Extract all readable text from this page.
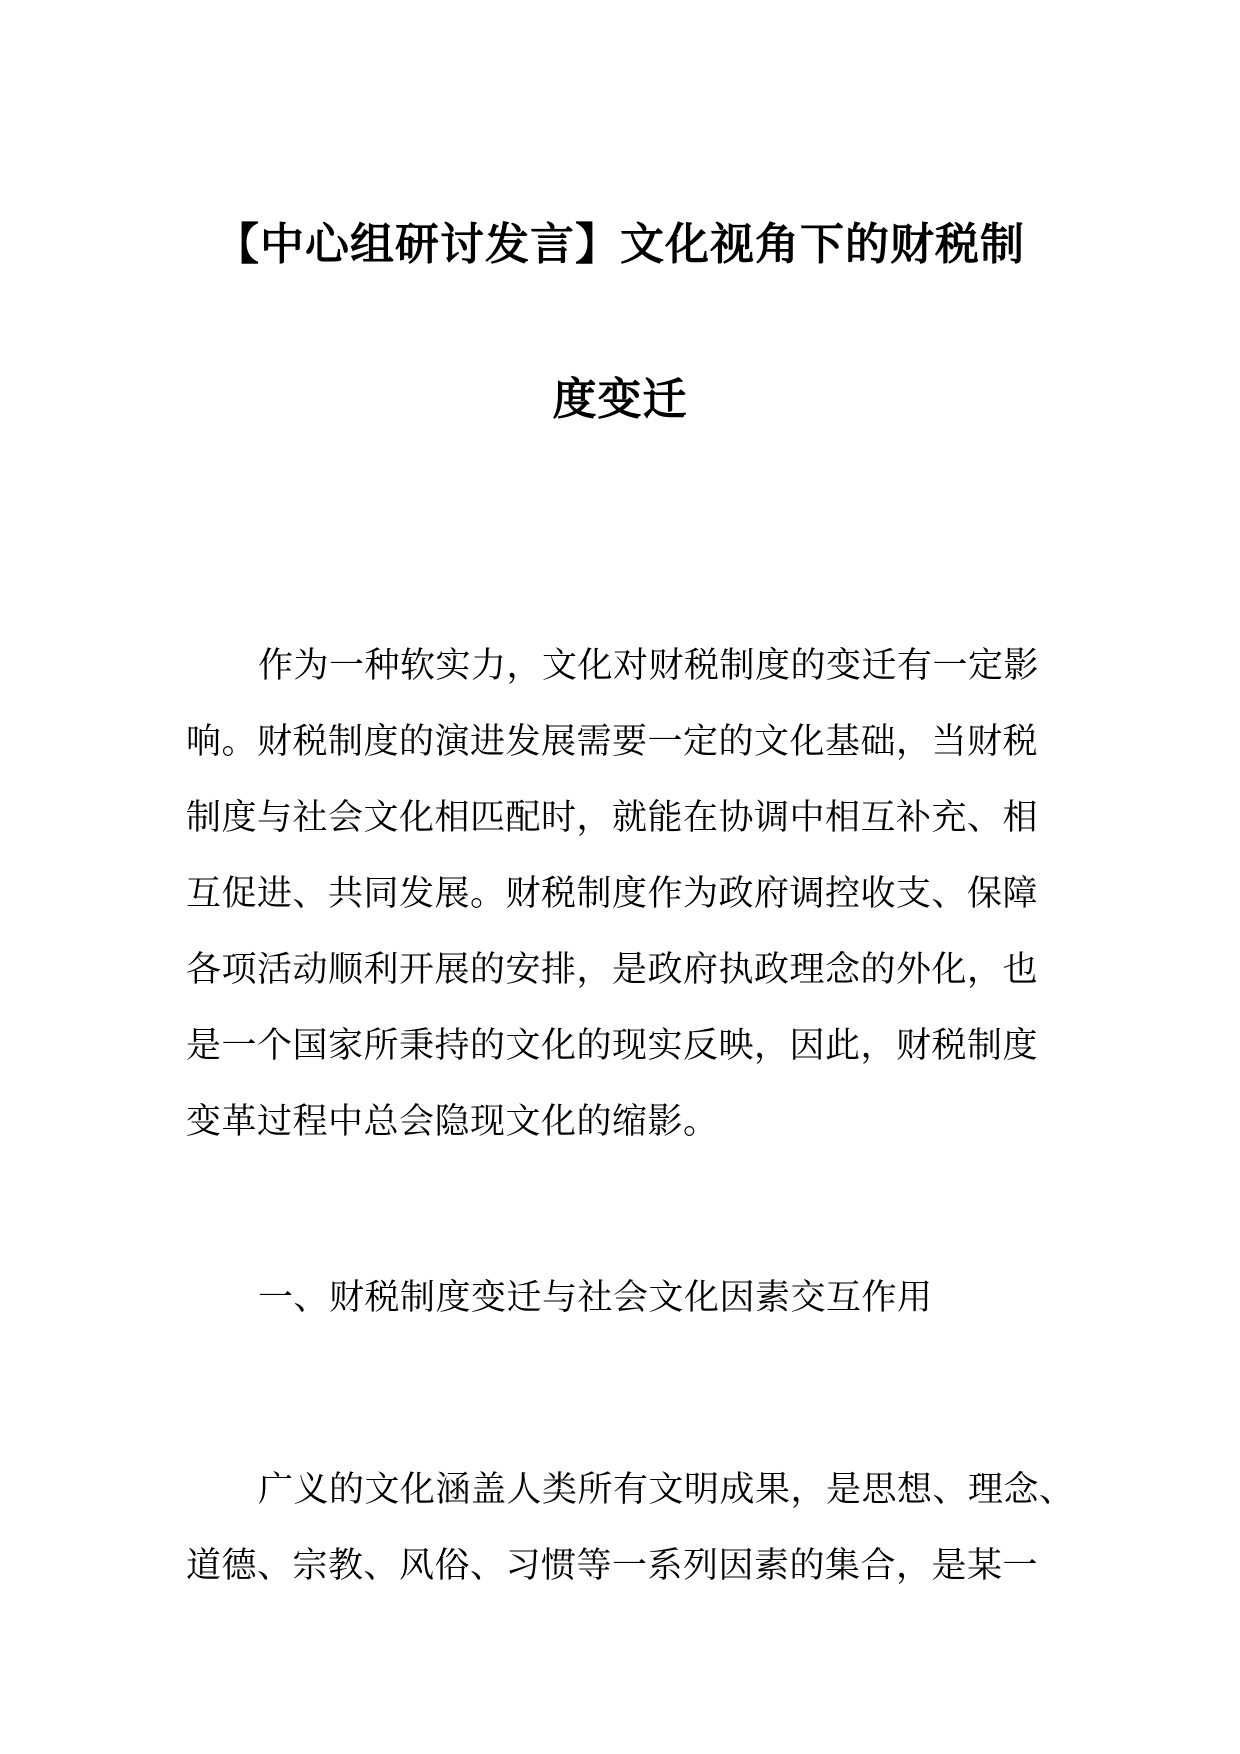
【中心组研讨发言】文化视角下的财税制
度变迁
作为一种软实力，文化对财税制度的变迁有一定影
响。财税制度的演进发展需要一定的文化基础，当财税
制度与社会文化相匹配时，就能在协调中相互补充、相
互促进、共同发展。财税制度作为政府调控收支、保障
各项活动顺利开展的安排，是政府执政理念的外化，也
是一个国家所秉持的文化的现实反映，因此，财税制度
变革过程中总会隐现文化的缩影。
一、财税制度变迁与社会文化因素交互作用
广义的文化涵盖人类所有文明成果，是思想、理念、
道德、宗教、风俗、习惯等一系列因素的集合，是某一
